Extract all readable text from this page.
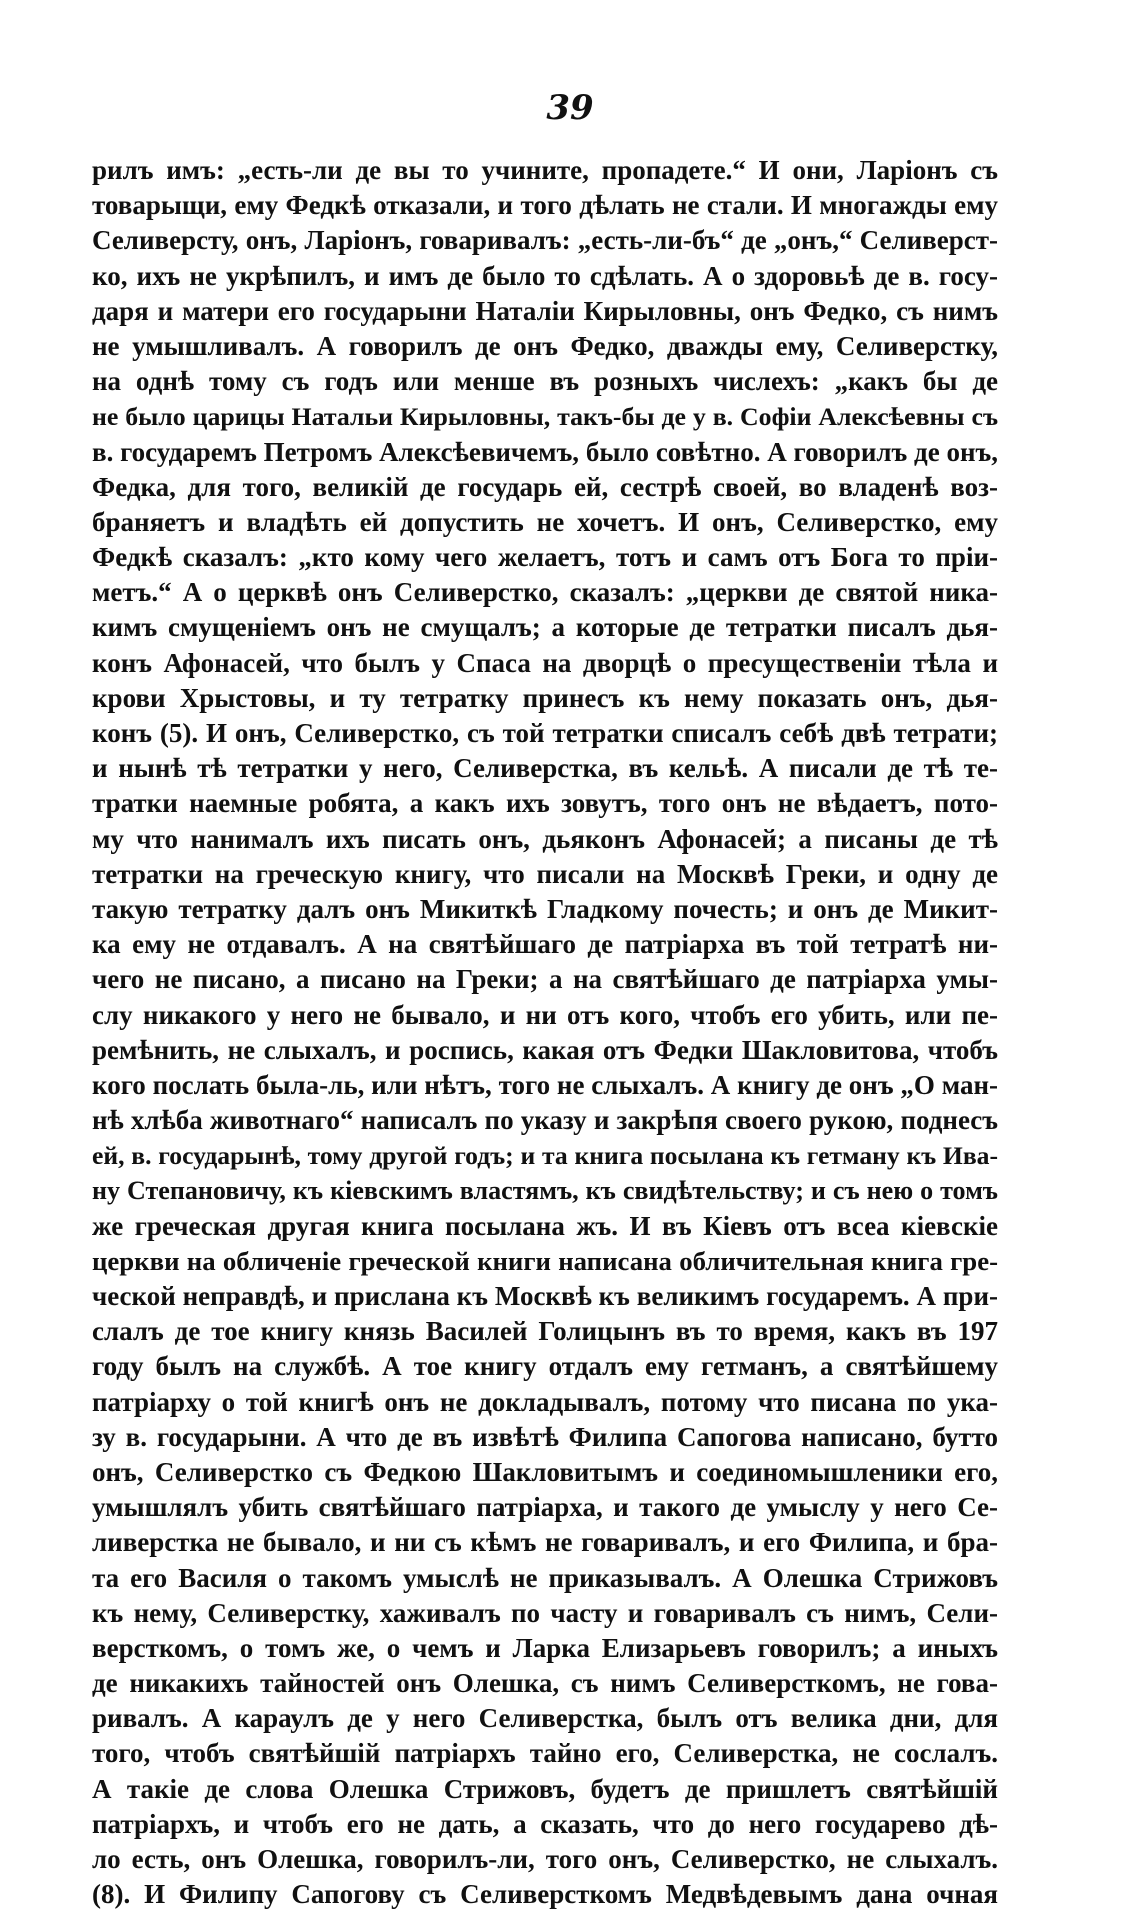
39
рилъ имъ: „есть-ли де вы то учините, пропадете.“ И они, Ларіонъ съ
товарыщи, ему Федкѣ отказали, и того дѣлать не стали. И многажды ему
Селиверсту, онъ, Ларіонъ, говаривалъ: „есть-ли-бъ“ де „онъ,“ Селиверст-
ко, ихъ не укрѣпилъ, и имъ де было то сдѣлать. А о здоровьѣ де в. госу-
даря и матери его государыни Наталіи Кирыловны, онъ Федко, съ нимъ
не умышливалъ. А говорилъ де онъ Федко, дважды ему, Селиверстку,
на однѣ тому съ годъ или менше въ розныхъ числехъ: „какъ бы де
не было царицы Натальи Кирыловны, такъ-бы де у в. Софіи Алексѣевны съ
в. государемъ Петромъ Алексѣевичемъ, было совѣтно. А говорилъ де онъ,
Федка, для того, великій де государь ей, сестрѣ своей, во владенѣ воз-
браняетъ и владѣть ей допустить не хочетъ. И онъ, Селиверстко, ему
Федкѣ сказалъ: „кто кому чего желаетъ, тотъ и самъ отъ Бога то пріи-
метъ.“ А о церквѣ онъ Селиверстко, сказалъ: „церкви де святой ника-
кимъ смущеніемъ онъ не смущалъ; а которые де тетратки писалъ дья-
конъ Афонасей, что былъ у Спаса на дворцѣ о пресущественіи тѣла и
крови Хрыстовы, и ту тетратку принесъ къ нему показать онъ, дья-
конъ (5). И онъ, Селиверстко, съ той тетратки списалъ себѣ двѣ тетрати;
и нынѣ тѣ тетратки у него, Селиверстка, въ кельѣ. А писали де тѣ те-
тратки наемные робята, а какъ ихъ зовутъ, того онъ не вѣдаетъ, пото-
му что нанималъ ихъ писать онъ, дьяконъ Афонасей; а писаны де тѣ
тетратки на греческую книгу, что писали на Москвѣ Греки, и одну де
такую тетратку далъ онъ Микиткѣ Гладкому почесть; и онъ де Микит-
ка ему не отдавалъ. А на святѣйшаго де патріарха въ той тетратѣ ни-
чего не писано, а писано на Греки; а на святѣйшаго де патріарха умы-
слу никакого у него не бывало, и ни отъ кого, чтобъ его убить, или пе-
ремѣнить, не слыхалъ, и роспись, какая отъ Федки Шакловитова, чтобъ
кого послать была-ль, или нѣтъ, того не слыхалъ. А книгу де онъ „О ман-
нѣ хлѣба животнаго“ написалъ по указу и закрѣпя своего рукою, поднесъ
ей, в. государынѣ, тому другой годъ; и та книга посылана къ гетману къ Ива-
ну Степановичу, къ кіевскимъ властямъ, къ свидѣтельству; и съ нею о томъ
же греческая другая книга посылана жъ. И въ Кіевъ отъ всеа кіевскіе
церкви на обличеніе греческой книги написана обличительная книга гре-
ческой неправдѣ, и прислана къ Москвѣ къ великимъ государемъ. А при-
слалъ де тое книгу князь Василей Голицынъ въ то время, какъ въ 197
году былъ на службѣ. А тое книгу отдалъ ему гетманъ, а святѣйшему
патріарху о той книгѣ онъ не докладывалъ, потому что писана по ука-
зу в. государыни. А что де въ извѣтѣ Филипа Сапогова написано, бутто
онъ, Селиверстко съ Федкою Шакловитымъ и соединомышленики его,
умышлялъ убить святѣйшаго патріарха, и такого де умыслу у него Се-
ливерстка не бывало, и ни съ кѣмъ не говаривалъ, и его Филипа, и бра-
та его Василя о такомъ умыслѣ не приказывалъ. А Олешка Стрижовъ
къ нему, Селиверстку, хаживалъ по часту и говаривалъ съ нимъ, Сели-
версткомъ, о томъ же, о чемъ и Ларка Елизарьевъ говорилъ; а иныхъ
де никакихъ тайностей онъ Олешка, съ нимъ Селиверсткомъ, не гова-
ривалъ. А караулъ де у него Селиверстка, былъ отъ велика дни, для
того, чтобъ святѣйшій патріархъ тайно его, Селиверстка, не сослалъ.
А такіе де слова Олешка Стрижовъ, будетъ де пришлетъ святѣйшій
патріархъ, и чтобъ его не дать, а сказать, что до него государево дѣ-
ло есть, онъ Олешка, говорилъ-ли, того онъ, Селиверстко, не слыхалъ.
(8). И Филипу Сапогову съ Селиверсткомъ Медвѣдевымъ дана очная
